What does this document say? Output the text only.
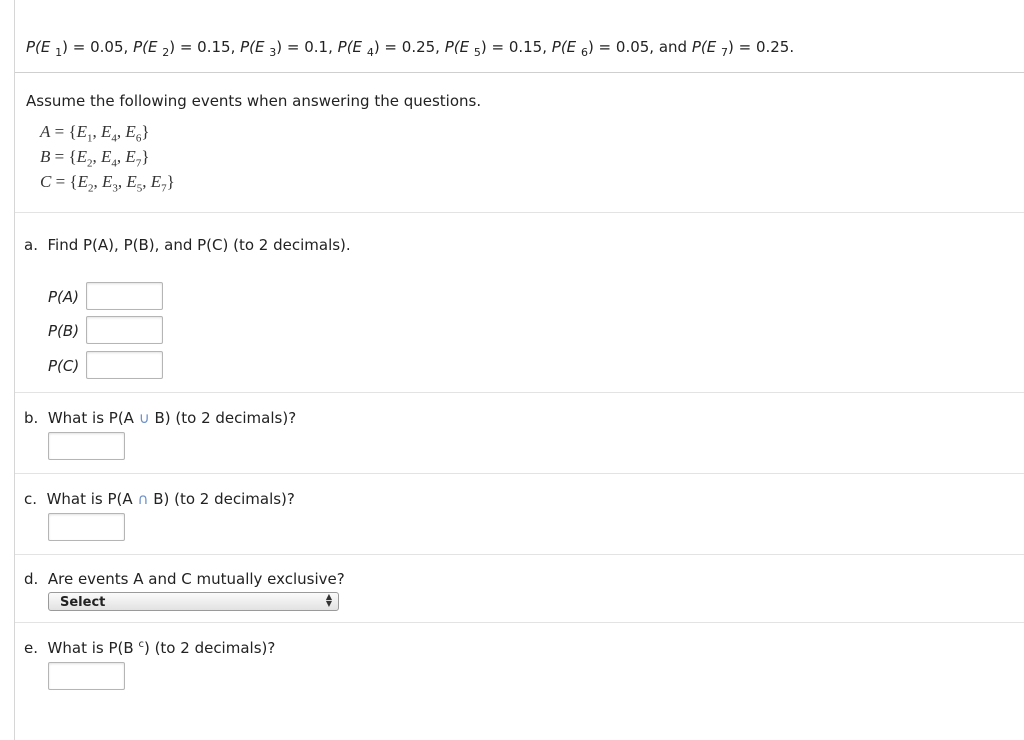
P(E $_1$) = 0.05, P(E $_2$) = 0.15, P(E $_3$) = 0.1, P(E $_4$) = 0.25, P(E $_5$) = 0.15, P(E $_6$) = 0.05, and P(E $_7$) = 0.25.
Assume the following events when answering the questions.
$A = \{E_1$, $E_4$, $E_6$}
$B = \{E_2$, $E_4$, $E_7$}
$C = \{E_2$, $E_3$, $E_5$, $E_7$}
a. Find P(A), P(B), and P(C) (to 2 decimals).
P(A)
P(B)
P(C)
b. What is P(A ∪ B) (to 2 decimals)?
c. What is P(A ∩ B) (to 2 decimals)?
d. Are events A and C mutually exclusive?
Select	▲
▼
e. What is P(B $^c$) (to 2 decimals)?
